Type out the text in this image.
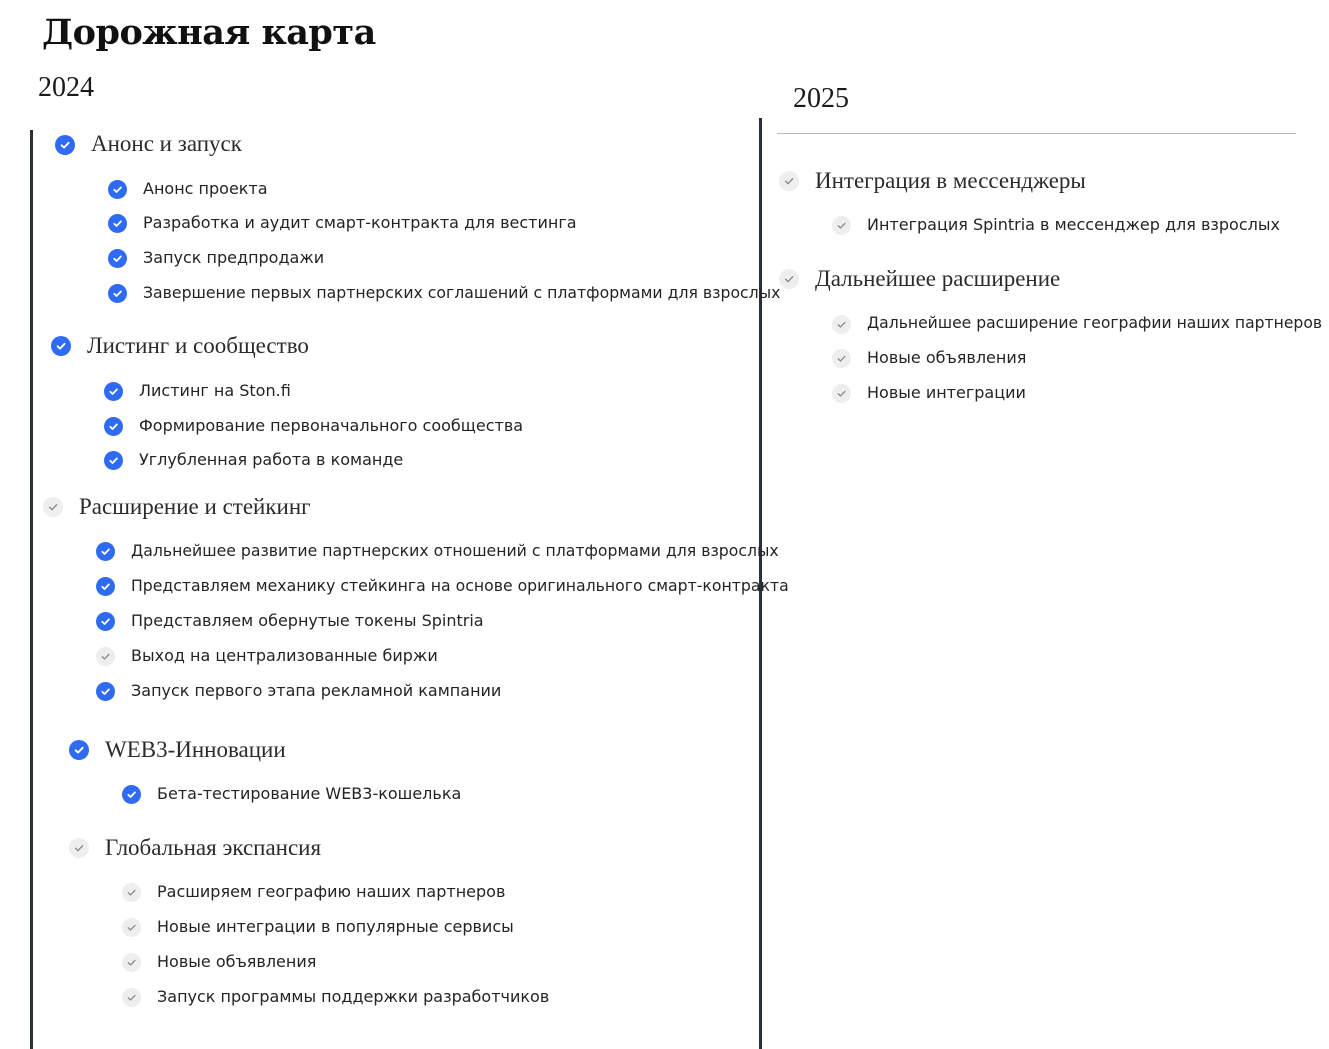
Дорожная карта
2024	2025
Анонс и запуск
Анонс проекта
Разработка и аудит смарт-контракта для вестинга
Запуск предпродажи
Завершение первых партнерских соглашений с платформами для взрослых
Листинг и сообщество
Листинг на Ston.fi
Формирование первоначального сообщества
Углубленная работа в команде
Расширение и стейкинг
Дальнейшее развитие партнерских отношений с платформами для взрослых
Представляем механику стейкинга на основе оригинального смарт-контракта
Представляем обернутые токены Spintria
Выход на централизованные биржи
Запуск первого этапа рекламной кампании
WEB3-Инновации
Бета-тестирование WEB3-кошелька
Глобальная экспансия
Расширяем географию наших партнеров
Новые интеграции в популярные сервисы
Новые объявления
Запуск программы поддержки разработчиков
Интеграция в мессенджеры
Интеграция Spintria в мессенджер для взрослых
Дальнейшее расширение
Дальнейшее расширение географии наших партнеров
Новые объявления
Новые интеграции
